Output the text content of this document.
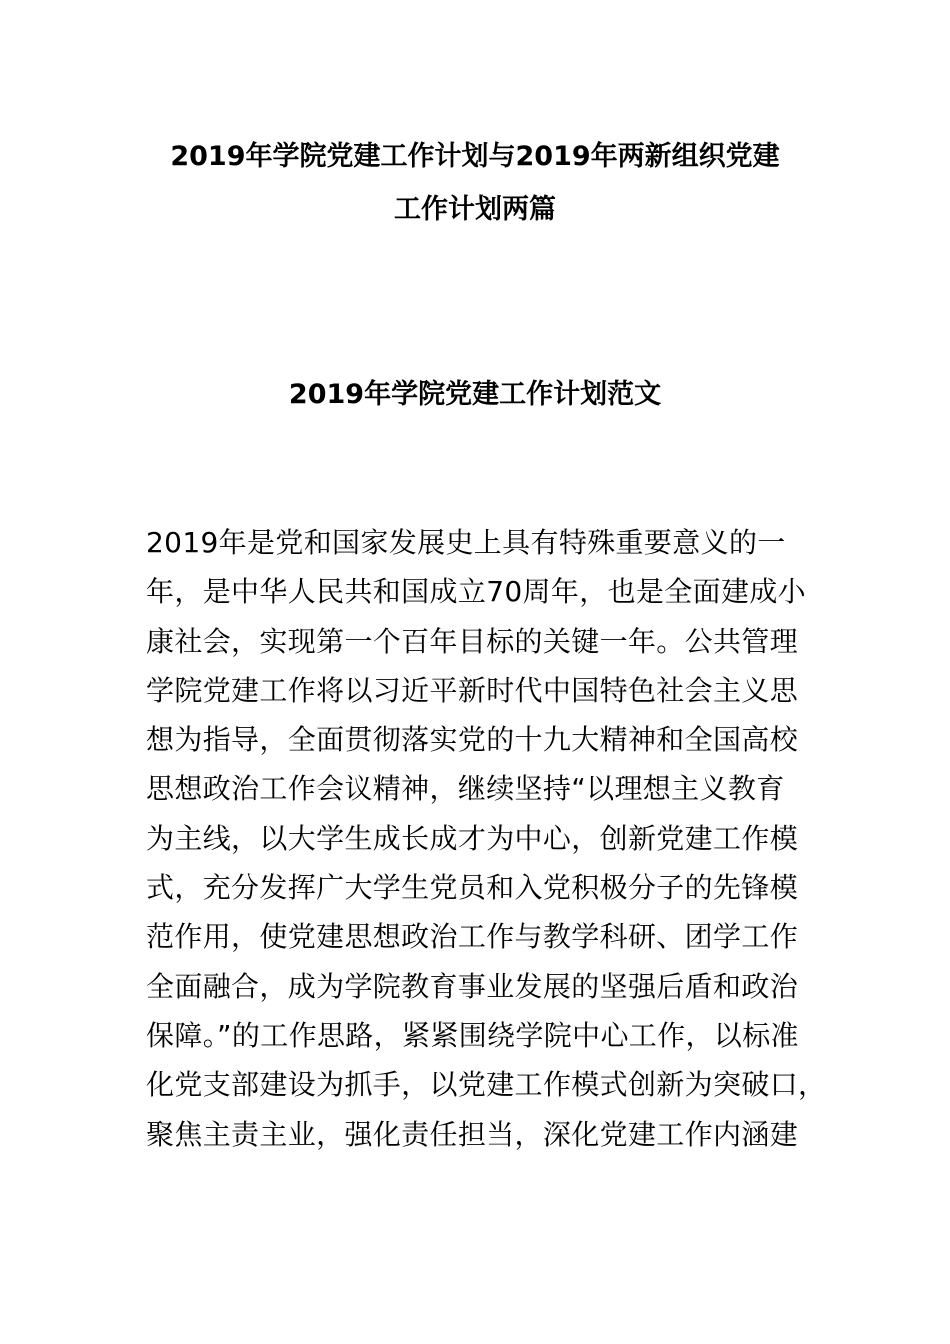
2019年学院党建工作计划与2019年两新组织党建
工作计划两篇
2019年学院党建工作计划范文

2019年是党和国家发展史上具有特殊重要意义的一
年，是中华人民共和国成立70周年，也是全面建成小
康社会，实现第一个百年目标的关键一年。公共管理
学院党建工作将以习近平新时代中国特色社会主义思
想为指导，全面贯彻落实党的十九大精神和全国高校
思想政治工作会议精神，继续坚持“以理想主义教育
为主线，以大学生成长成才为中心，创新党建工作模
式，充分发挥广大学生党员和入党积极分子的先锋模
范作用，使党建思想政治工作与教学科研、团学工作
全面融合，成为学院教育事业发展的坚强后盾和政治
保障。”的工作思路，紧紧围绕学院中心工作，以标准
化党支部建设为抓手，以党建工作模式创新为突破口，
聚焦主责主业，强化责任担当，深化党建工作内涵建
